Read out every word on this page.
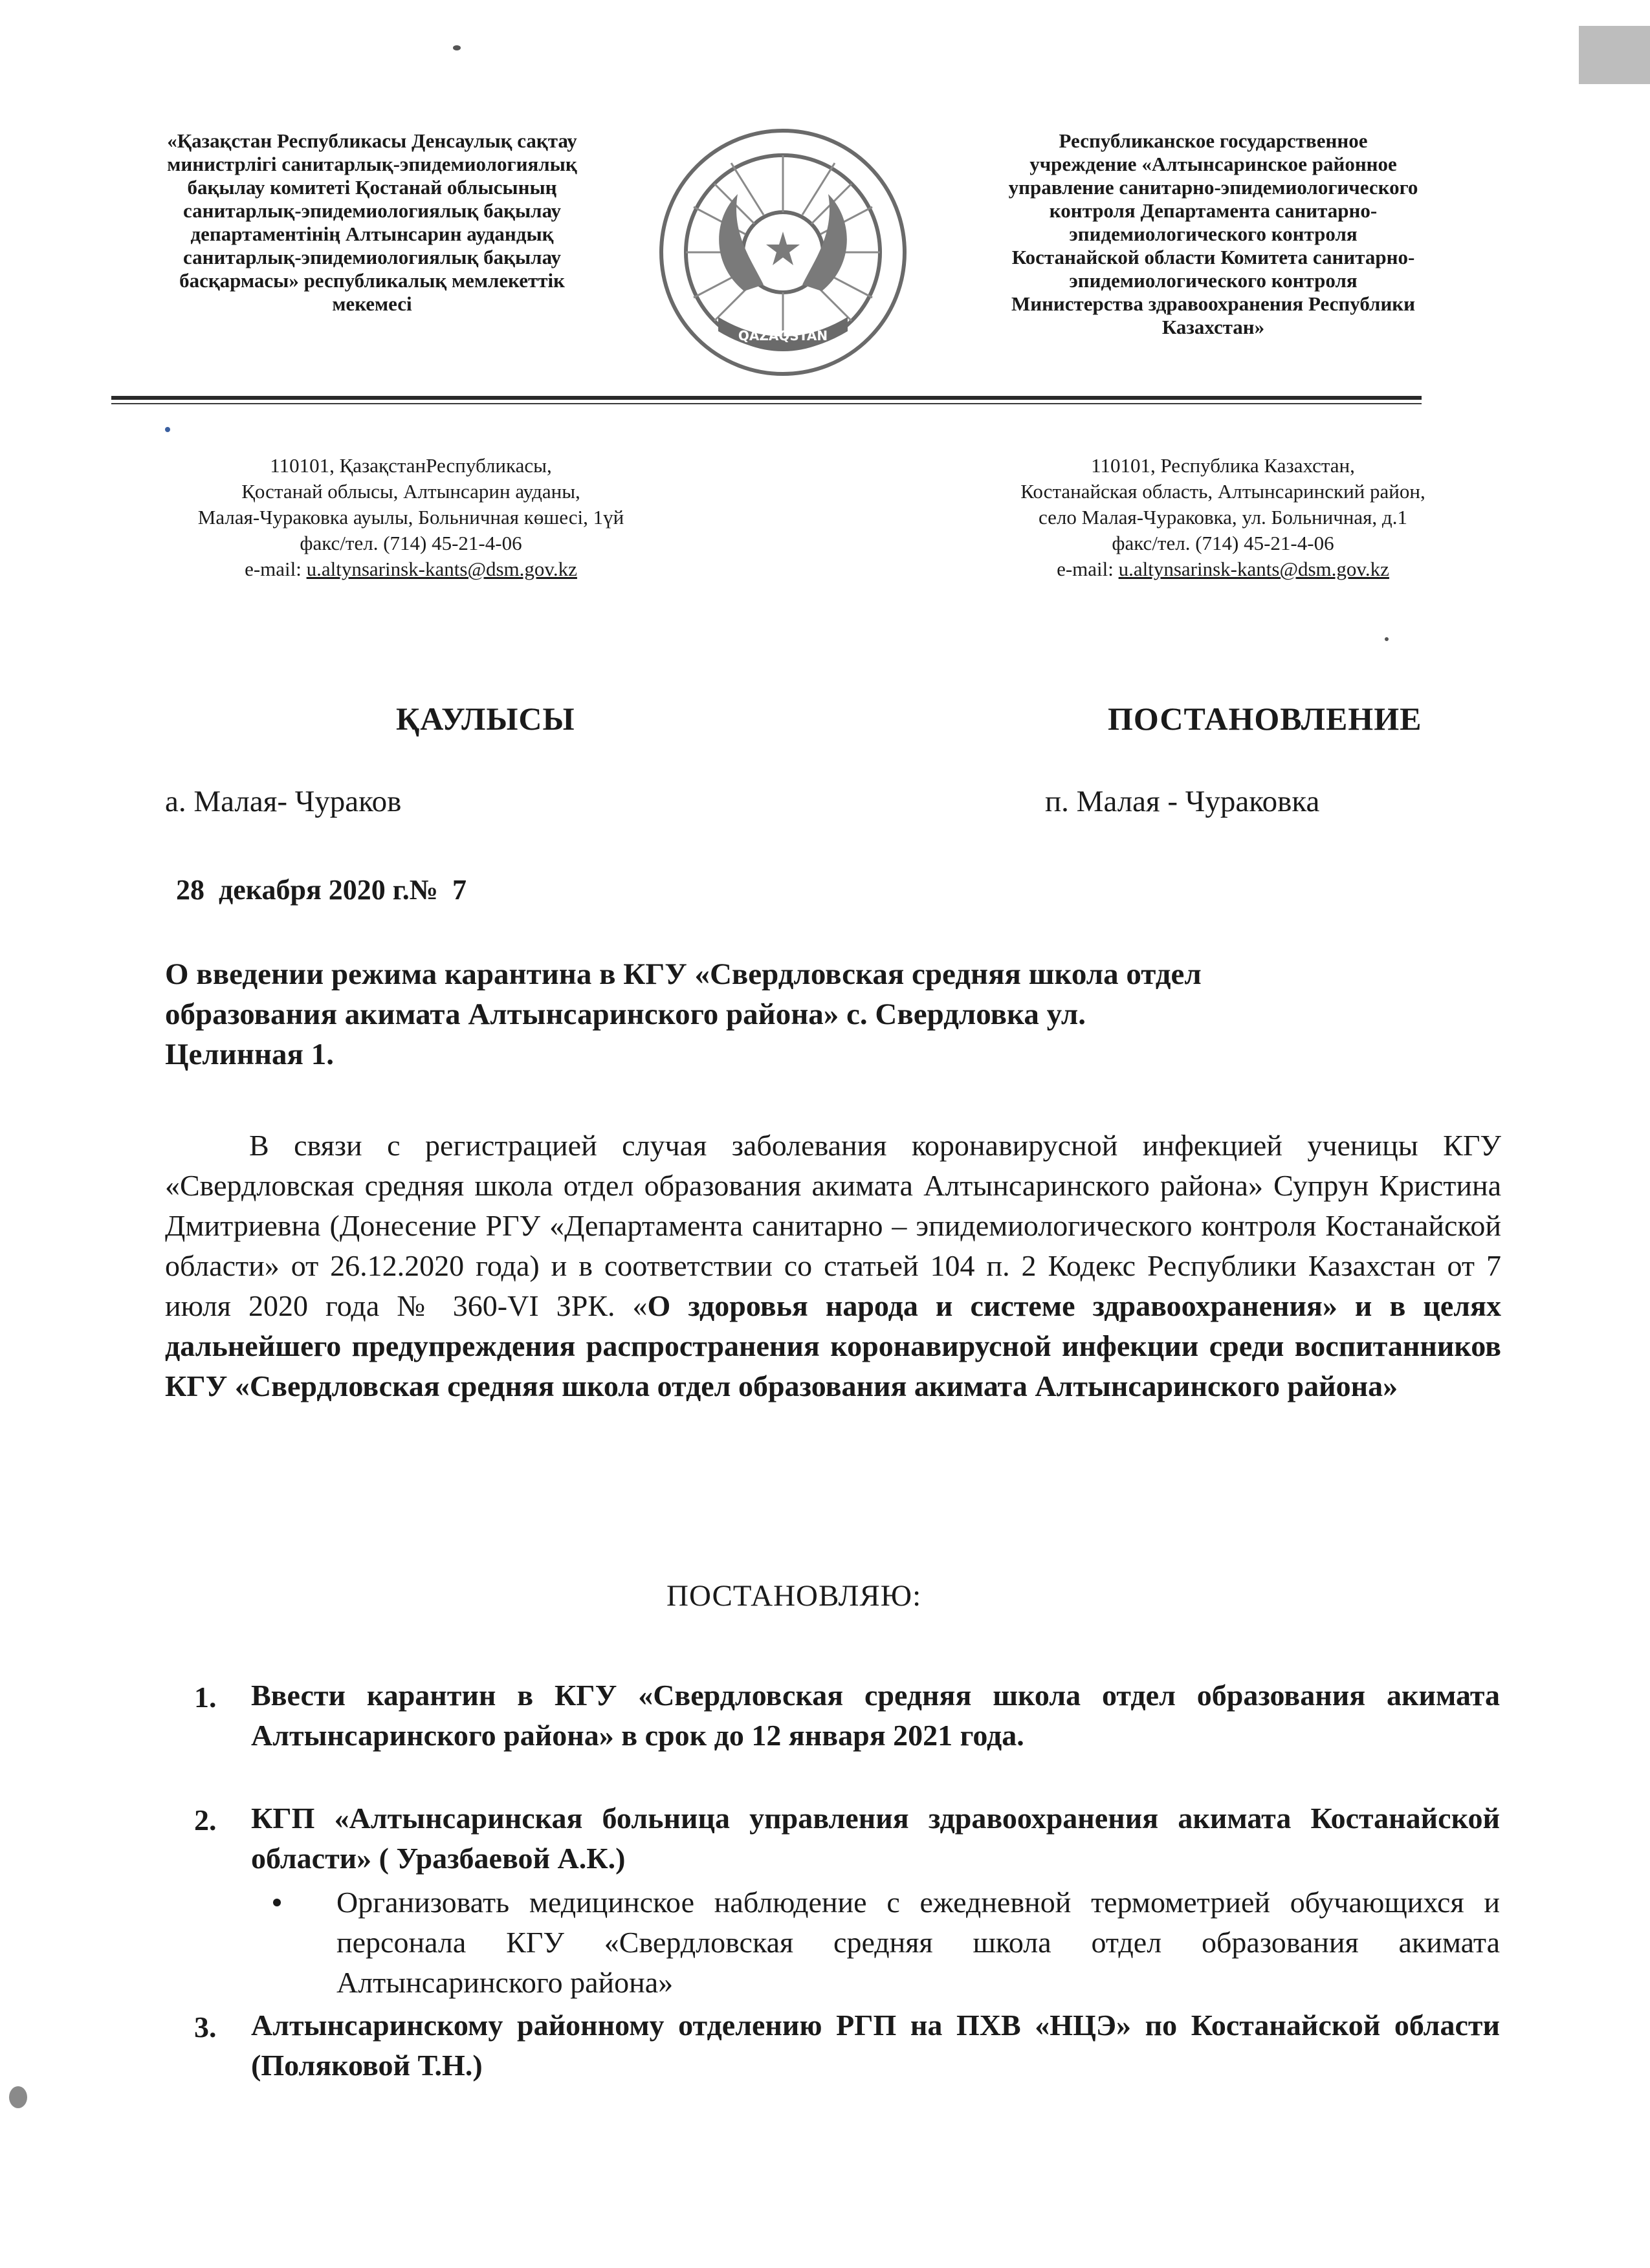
«Қазақстан Республикасы Денсаулық сақтау
министрлігі санитарлық-эпидемиологиялық
бақылау комитеті Қостанай облысының
санитарлық-эпидемиологиялық бақылау
департаментінің Алтынсарин аудандық
санитарлық-эпидемиологиялық бақылау
басқармасы» республикалық мемлекеттік
мекемесі
QAZAQSTAN
Республиканское государственное
учреждение «Алтынсаринское районное
управление санитарно-эпидемиологического
контроля Департамента санитарно-
эпидемиологического контроля
Костанайской области Комитета санитарно-
эпидемиологического контроля
Министерства здравоохранения Республики
Казахстан»
110101, ҚазақстанРеспубликасы,
Қостанай облысы, Алтынсарин ауданы,
Малая-Чураковка ауылы, Больничная көшесі, 1үй
факс/тел. (714) 45-21-4-06
e-mail: u.altynsarinsk-kants@dsm.gov.kz
110101, Республика Казахстан,
Костанайская область, Алтынсаринский район,
село Малая-Чураковка, ул. Больничная, д.1
факс/тел. (714) 45-21-4-06
e-mail: u.altynsarinsk-kants@dsm.gov.kz
ҚАУЛЫСЫ	ПОСТАНОВЛЕНИЕ
а. Малая- Чураков	п. Малая - Чураковка
28  декабря 2020 г.№  7
О введении режима карантина в КГУ «Свердловская средняя школа отдел
образования акимата Алтынсаринского района» с. Свердловка ул.
Целинная 1.
В связи с регистрацией случая заболевания коронавирусной инфекцией ученицы КГУ «Свердловская средняя школа отдел образования акимата Алтынсаринского района» Супрун Кристина Дмитриевна (Донесение РГУ «Департамента санитарно – эпидемиологического контроля Костанайской области» от 26.12.2020 года) и в соответствии со статьей 104 п. 2 Кодекс Республики Казахстан от 7 июля 2020 года № 360-VI ЗРК. «О здоровья народа и системе здравоохранения» и в целях дальнейшего предупреждения распространения коронавирусной инфекции среди воспитанников КГУ «Свердловская средняя школа отдел образования акимата Алтынсаринского района»
ПОСТАНОВЛЯЮ:
1. Ввести карантин в КГУ «Свердловская средняя школа отдел образования акимата Алтынсаринского района» в срок до 12 января 2021 года.
2. КГП «Алтынсаринская больница управления здравоохранения акимата Костанайской области» ( Уразбаевой А.К.)
Организовать медицинское наблюдение с ежедневной термометрией обучающихся и персонала КГУ «Свердловская средняя школа отдел образования акимата Алтынсаринского района»
3. Алтынсаринскому районному отделению РГП на ПХВ «НЦЭ» по Костанайской области (Поляковой Т.Н.)
